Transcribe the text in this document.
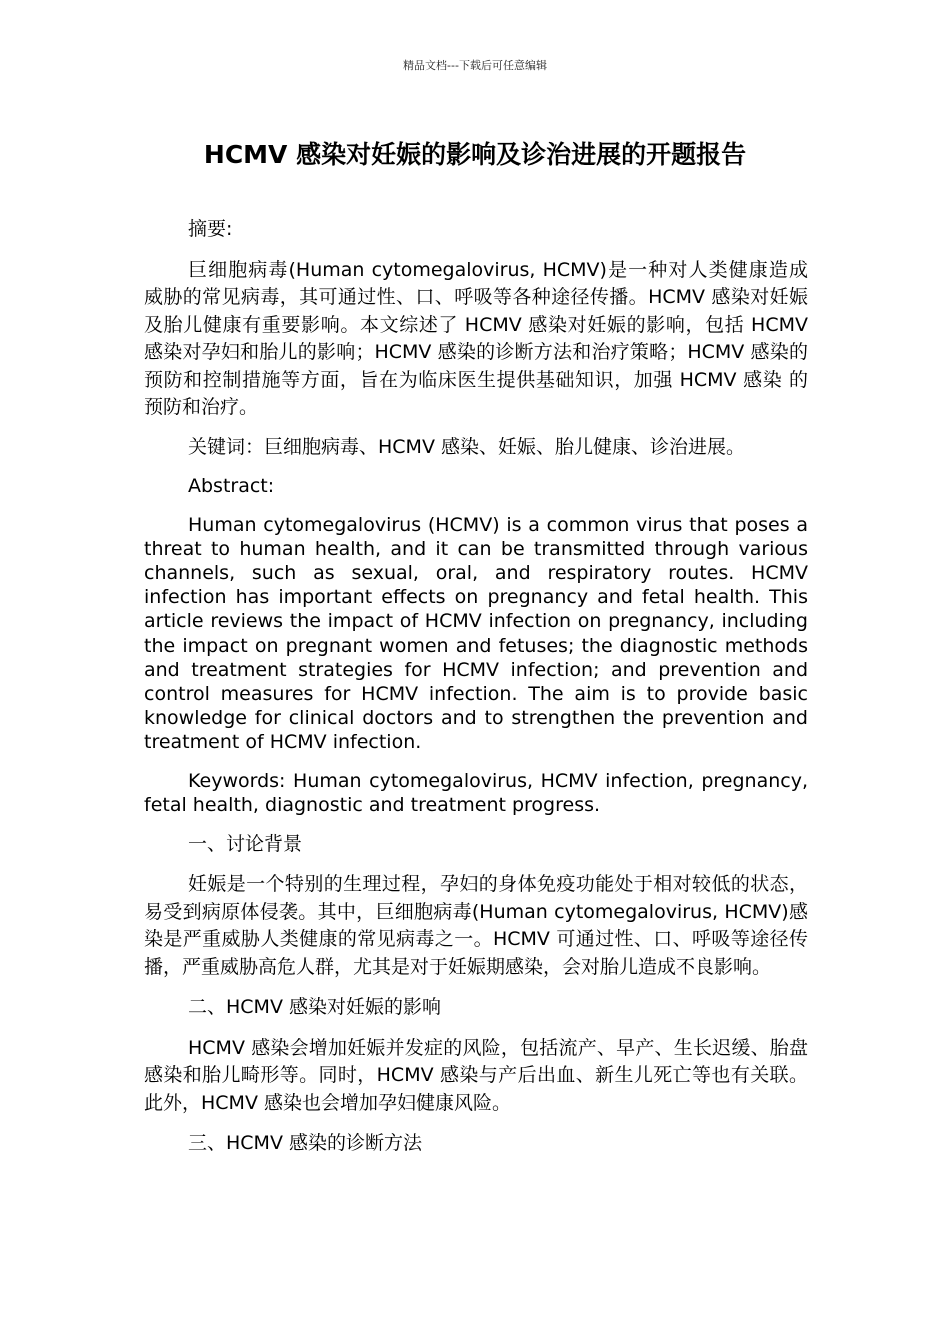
精品文档---下载后可任意编辑
HCMV 感染对妊娠的影响及诊治进展的开题报告

摘要:

巨细胞病毒(Human cytomegalovirus, HCMV)是一种对人类健康造成威胁的常见病毒，其可通过性、口、呼吸等各种途径传播。HCMV 感染对妊娠及胎儿健康有重要影响。本文综述了 HCMV 感染对妊娠的影响，包括 HCMV 感染对孕妇和胎儿的影响；HCMV 感染的诊断方法和治疗策略；HCMV 感染的预防和控制措施等方面，旨在为临床医生提供基础知识，加强 HCMV 感染 的预防和治疗。

关键词：巨细胞病毒、HCMV 感染、妊娠、胎儿健康、诊治进展。

Abstract:

Human cytomegalovirus (HCMV) is a common virus that poses a threat to human health, and it can be transmitted through various channels, such as sexual, oral, and respiratory routes. HCMV infection has important effects on pregnancy and fetal health. This article reviews the impact of HCMV infection on pregnancy, including the impact on pregnant women and fetuses; the diagnostic methods and treatment strategies for HCMV infection; and prevention and control measures for HCMV infection. The aim is to provide basic knowledge for clinical doctors and to strengthen the prevention and treatment of HCMV infection.

Keywords: Human cytomegalovirus, HCMV infection, pregnancy, fetal health, diagnostic and treatment progress.

一、讨论背景

妊娠是一个特别的生理过程，孕妇的身体免疫功能处于相对较低的状态，易受到病原体侵袭。其中，巨细胞病毒(Human cytomegalovirus, HCMV)感染是严重威胁人类健康的常见病毒之一。HCMV 可通过性、口、呼吸等途径传播，严重威胁高危人群，尤其是对于妊娠期感染，会对胎儿造成不良影响。

二、HCMV 感染对妊娠的影响

HCMV 感染会增加妊娠并发症的风险，包括流产、早产、生长迟缓、胎盘感染和胎儿畸形等。同时，HCMV 感染与产后出血、新生儿死亡等也有关联。此外，HCMV 感染也会增加孕妇健康风险。

三、HCMV 感染的诊断方法
